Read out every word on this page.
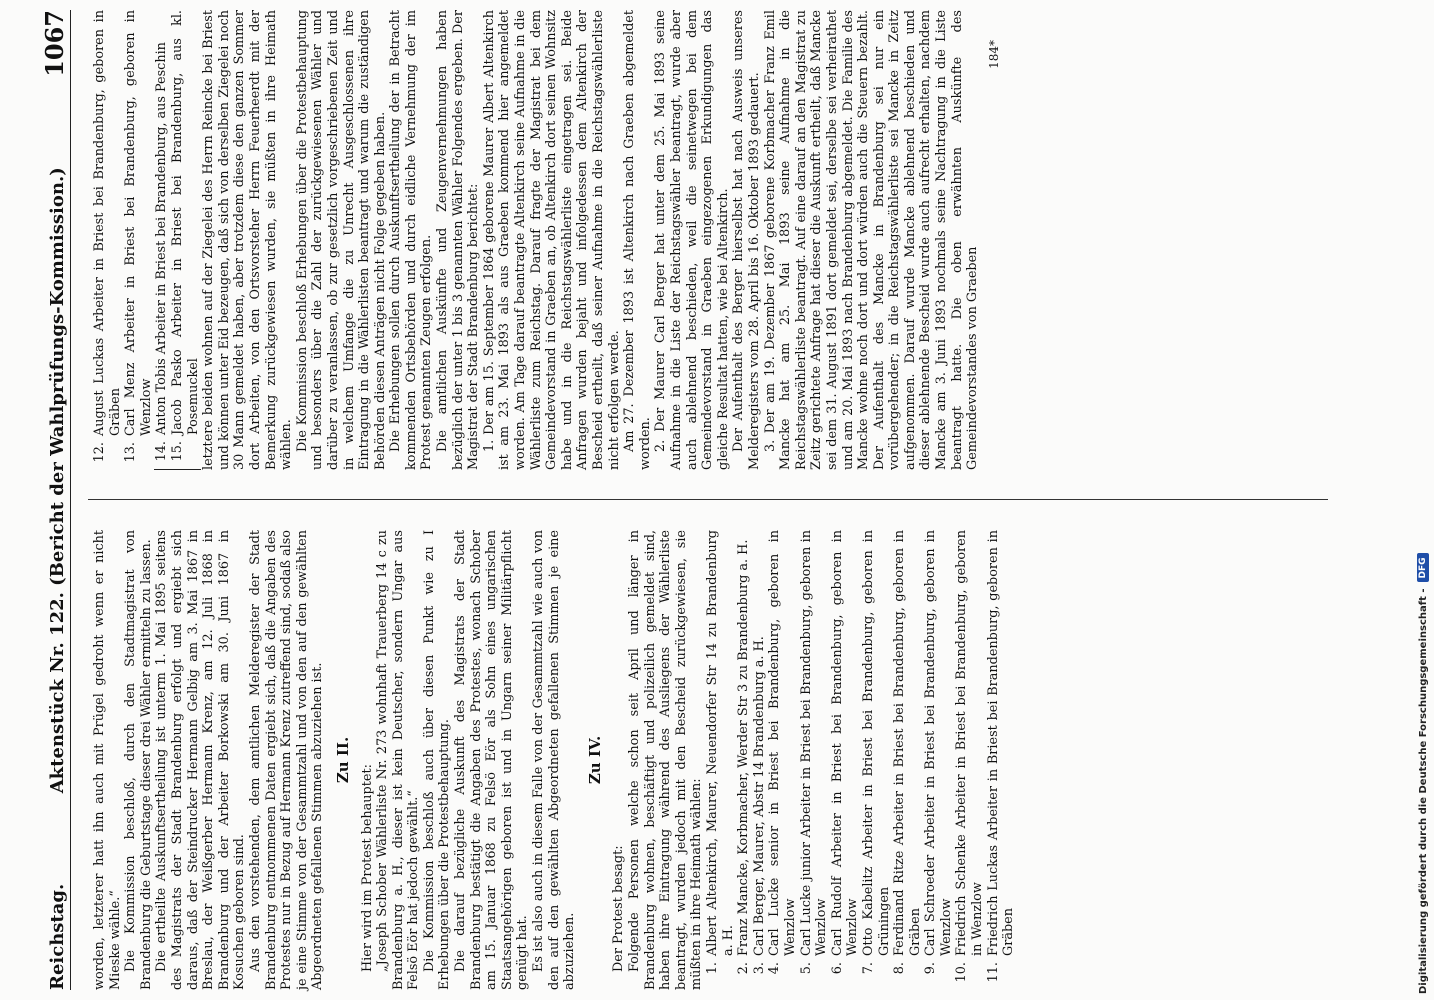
Reichstag.
Aktenstück Nr. 122. (Bericht der Wahlprüfungs-Kommission.)
1067

worden, letzterer hatt ihn auch mit Prügel gedroht wenn er nicht Mieske wähle.“ Die Kommission beschloß, durch den Stadtmagistrat von Brandenburg die Geburtstage dieser drei Wähler ermitteln zu lassen. Die ertheilte Auskunftsertheilung ist unterm 1. Mai 1895 seitens des Magistrats der Stadt Brandenburg erfolgt und ergiebt sich daraus, daß der Steindrucker Hermann Gelbig am 3. Mai 1867 in Breslau, der Weißgerber Hermann Krenz, am 12. Juli 1868 in Brandenburg und der Arbeiter Borkowski am 30. Juni 1867 in Kosuchen geboren sind. Aus den vorstehenden, dem amtlichen Melderegister der Stadt Brandenburg entnommenen Daten ergiebt sich, daß die Angaben des Protestes nur in Bezug auf Hermann Krenz zutreffend sind, sodaß also je eine Stimme von der Gesammtzahl und von den auf den gewählten Abgeordneten gefallenen Stimmen abzuziehen ist. Zu II.

Hier wird im Protest behauptet: „Joseph Schober Wählerliste Nr. 273 wohnhaft Trauerberg 14 c zu Brandenburg a. H., dieser ist kein Deutscher, sondern Ungar aus Felsö Eör hat jedoch gewählt.“ Die Kommission beschloß auch über diesen Punkt wie zu I Erhebungen über die Protestbehauptung. Die darauf bezügliche Auskunft des Magistrats der Stadt Brandenburg bestätigt die Angaben des Protestes, wonach Schober am 15. Januar 1868 zu Felsö Eör als Sohn eines ungarischen Staatsangehörigen geboren ist und in Ungarn seiner Militärpflicht genügt hat. Es ist also auch in diesem Falle von der Gesammtzahl wie auch von den auf den gewählten Abgeordneten gefallenen Stimmen je eine abzuziehen.

Zu IV.

Der Protest besagt: Folgende Personen welche schon seit April und länger in Brandenburg wohnen, beschäftigt und polizeilich gemeldet sind, haben ihre Eintragung während des Ausliegens der Wählerliste beantragt, wurden jedoch mit den Bescheid zurückgewiesen, sie müßten in ihre Heimath wählen: 1.
Albert Altenkirch, Maurer, Neuendorfer Str 14 zu Brandenburg a. H.
2.
Franz Mancke, Korbmacher, Werder Str 3 zu Brandenburg a. H.
3.
Carl Berger, Maurer, Abstr 14 Brandenburg a. H.
4.
Carl Lucke senior in Briest bei Brandenburg, geboren in Wenzlow
5.
Carl Lucke junior Arbeiter in Briest bei Brandenburg, geboren in Wenzlow
6.
Carl Rudolf Arbeiter in Briest bei Brandenburg, geboren in Wenzlow
7.
Otto Kabelitz Arbeiter in Briest bei Brandenburg, geboren in Grüningen
8.
Ferdinand Ritze Arbeiter in Briest bei Brandenburg, geboren in Gräben
9.
Carl Schroeder Arbeiter in Briest bei Brandenburg, geboren in Wenzlow
10.
Friedrich Schenke Arbeiter in Briest bei Brandenburg, geboren in Wenzlow
11.
Friedrich Luckas Arbeiter in Briest bei Brandenburg, geboren in Gräben
12.
August Luckas Arbeiter in Briest bei Brandenburg, geboren in Gräben
13.
Carl Menz Arbeiter in Briest bei Brandenburg, geboren in Wenzlow
14.
Anton Tobis Arbeiter in Briest bei Brandenburg, aus Peschin
15.
Jacob Pasko Arbeiter in Briest bei Brandenburg, aus kl. Posemuckel letztere beiden wohnen auf der Ziegelei des Herrn Reincke bei Briest und können unter Eid bezeugen, daß sich von derselben Ziegelei noch 30 Mann gemeldet haben, aber trotzdem diese den ganzen Sommer dort Arbeiten, von den Ortsvorsteher Herrn Feuerheerdt mit der Bemerkung zurückgewiesen wurden, sie müßten in ihre Heimath wählen. Die Kommission beschloß Erhebungen über die Protestbehauptung und besonders über die Zahl der zurückgewiesenen Wähler und darüber zu veranlassen, ob zur gesetzlich vorgeschriebenen Zeit und in welchem Umfange die zu Unrecht Ausgeschlossenen ihre Eintragung in die Wählerlisten beantragt und warum die zuständigen Behörden diesen Anträgen nicht Folge gegeben haben. Die Erhebungen sollen durch Auskunftsertheilung der in Betracht kommenden Ortsbehörden und durch eidliche Vernehmung der im Protest genannten Zeugen erfolgen. Die amtlichen Auskünfte und Zeugenvernehmungen haben bezüglich der unter 1 bis 3 genannten Wähler Folgendes ergeben. Der Magistrat der Stadt Brandenburg berichtet: 1. Der am 15. September 1864 geborene Maurer Albert Altenkirch ist am 23. Mai 1893 als aus Graeben kommend hier angemeldet worden. Am Tage darauf beantragte Altenkirch seine Aufnahme in die Wählerliste zum Reichstag. Darauf fragte der Magistrat bei dem Gemeindevorstand in Graeben an, ob Altenkirch dort seinen Wohnsitz habe und in die Reichstagswählerliste eingetragen sei. Beide Anfragen wurden bejaht und infolgedessen dem Altenkirch der Bescheid ertheilt, daß seiner Aufnahme in die Reichstagswählerliste nicht erfolgen werde. Am 27. Dezember 1893 ist Altenkirch nach Graeben abgemeldet worden. 2. Der Maurer Carl Berger hat unter dem 25. Mai 1893 seine Aufnahme in die Liste der Reichstagswähler beantragt, wurde aber auch ablehnend beschieden, weil die seinetwegen bei dem Gemeindevorstand in Graeben eingezogenen Erkundigungen das gleiche Resultat hatten, wie bei Altenkirch. Der Aufenthalt des Berger hierselbst hat nach Ausweis unseres Melderegisters vom 28. April bis 16. Oktober 1893 gedauert. 3. Der am 19. Dezember 1867 geborene Korbmacher Franz Emil Mancke hat am 25. Mai 1893 seine Aufnahme in die Reichstagswählerliste beantragt. Auf eine darauf an den Magistrat zu Zeitz gerichtete Anfrage hat dieser die Auskunft ertheilt, daß Mancke sei dem 31. August 1891 dort gemeldet sei, derselbe sei verheirathet und am 20. Mai 1893 nach Brandenburg abgemeldet. Die Familie des Mancke wohne noch dort und dort würden auch die Steuern bezahlt. Der Aufenthalt des Mancke in Brandenburg sei nur ein vorübergehender; in die Reichstagswählerliste sei Mancke in Zeitz aufgenommen. Darauf wurde Mancke ablehnend beschieden und dieser ablehnende Bescheid wurde auch aufrecht erhalten, nachdem Mancke am 3. Juni 1893 nochmals seine Nachtragung in die Liste beantragt hatte. Die oben erwähnten Auskünfte des Gemeindevorstandes von Graeben

184*
Digitalisierung gefördert durch die Deutsche Forschungsgemeinschaft -
DFG
